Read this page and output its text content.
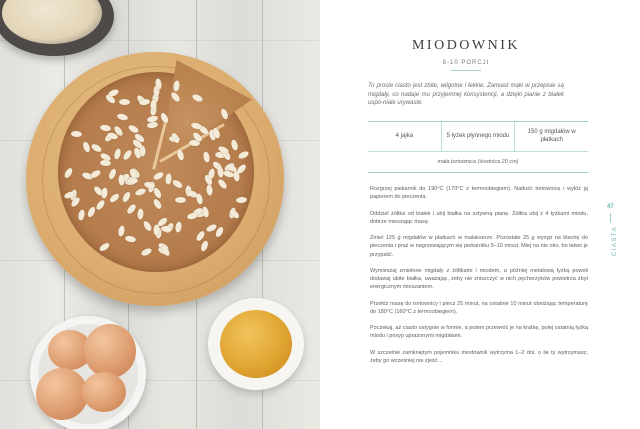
MIODOWNIK
8-10 PORCJI
To proste ciasto jest zbite, wilgotne i lekkie. Zamiast mąki w przepisie są migdały, co nadaje mu przyjemnej konsystencji, a dzięki pianie z białek uspo-niale urywaste.
4 jajka	5 łyżek płynnego miodu
150 g migdałów w płatkach
mała tortownica (średnica 20 cm)

Rozgrzej piekarnik do 190°C (170°C z termoobiegiem). Natłuść tortownicę i wyłóż ją papierem do pieczenia.

Oddziel żółtka od białek i ubij białka na sztywną pianę. Żółtka ubij z 4 łyżkami miodu, dobrze mieszając masę.

Zmiel 125 g migdałów w płatkach w malakserze. Pozostałe 25 g wysyp na blachę do pieczenia i praż w nagrzewającym się piekarniku 5–10 minut. Miej na nie oko, bo łatwo je przypalić.

Wymieszaj zmielone migdały z żółtkami i miodem, a później metalową łyżką powoli dodawaj ubite białka, uważając, żeby nie zniszczyć w nich pęcherzyków powietrza zbyt energicznym mieszaniem.

Przełóż masę do tortownicy i piecz 25 minut, na ostatnie 10 minut obniżając temperaturę do 180°C (160°C z termoobiegiem).

Poczekaj, aż ciasto ostygnie w formie, a potem przewróć je na kratkę, polej ostatnią łyżką miodu i posyp uprażonymi migdałami.

W szczelnie zamkniętym pojemniku miodownik wytrzyma 1–2 dni, o ile ty wytrzymasz, żeby go wcześniej nie zjeść…

47
CIASTA
